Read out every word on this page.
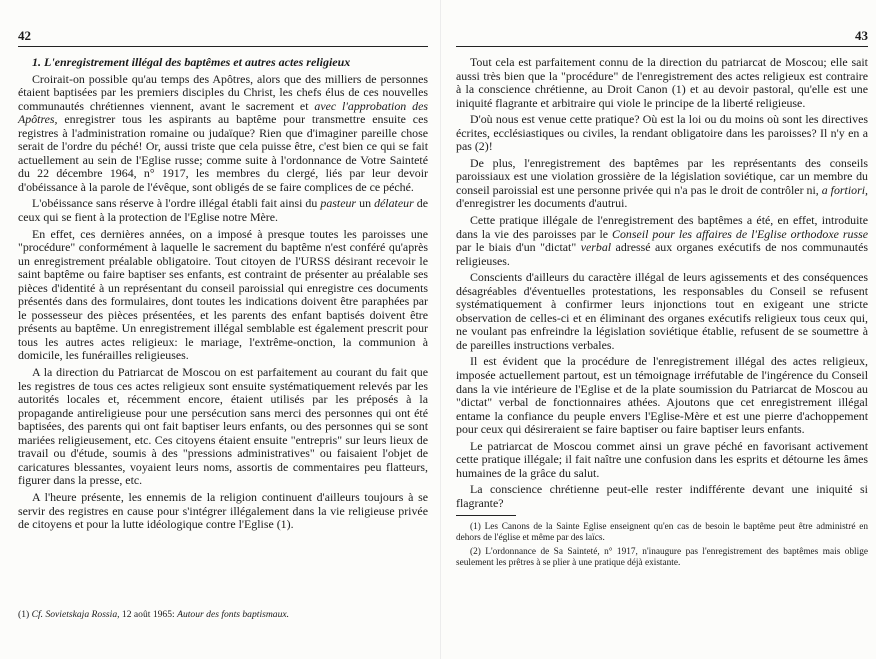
42

1. L'enregistrement illégal des baptêmes et autres actes religieux

Croirait-on possible qu'au temps des Apôtres, alors que des milliers de personnes étaient baptisées par les premiers disciples du Christ, les chefs élus de ces nouvelles communautés chrétiennes viennent, avant le sacrement et avec l'approbation des Apôtres, enregistrer tous les aspirants au baptême pour transmettre ensuite ces registres à l'administration romaine ou judaïque? Rien que d'imaginer pareille chose serait de l'ordre du péché! Or, aussi triste que cela puisse être, c'est bien ce qui se fait actuellement au sein de l'Eglise russe; comme suite à l'ordonnance de Votre Sainteté du 22 décembre 1964, n° 1917, les membres du clergé, liés par leur devoir d'obéissance à la parole de l'évêque, sont obligés de se faire complices de ce péché.

L'obéissance sans réserve à l'ordre illégal établi fait ainsi du pasteur un délateur de ceux qui se fient à la protection de l'Eglise notre Mère.

En effet, ces dernières années, on a imposé à presque toutes les paroisses une "procédure" conformément à laquelle le sacrement du baptême n'est conféré qu'après un enregistrement préalable obligatoire. Tout citoyen de l'URSS désirant recevoir le saint baptême ou faire baptiser ses enfants, est contraint de présenter au préalable ses pièces d'identité à un représentant du conseil paroissial qui enregistre ces documents présentés dans des formulaires, dont toutes les indications doivent être paraphées par le possesseur des pièces présentées, et les parents des enfant baptisés doivent être présents au baptême. Un enregistrement illégal semblable est également prescrit pour tous les autres actes religieux: le mariage, l'extrême-onction, la communion à domicile, les funérailles religieuses.

A la direction du Patriarcat de Moscou on est parfaitement au courant du fait que les registres de tous ces actes religieux sont ensuite systématiquement relevés par les autorités locales et, récemment encore, étaient utilisés par les préposés à la propagande antireligieuse pour une persécution sans merci des personnes qui ont été baptisées, des parents qui ont fait baptiser leurs enfants, ou des personnes qui se sont mariées religieusement, etc. Ces citoyens étaient ensuite "entrepris" sur leurs lieux de travail ou d'étude, soumis à des "pressions administratives" ou faisaient l'objet de caricatures blessantes, voyaient leurs noms, assortis de commentaires peu flatteurs, figurer dans la presse, etc.

A l'heure présente, les ennemis de la religion continuent d'ailleurs toujours à se servir des registres en cause pour s'intégrer illégalement dans la vie religieuse privée de citoyens et pour la lutte idéologique contre l'Eglise (1).

(1) Cf. Sovietskaja Rossia, 12 août 1965: Autour des fonts baptismaux.
43

Tout cela est parfaitement connu de la direction du patriarcat de Moscou; elle sait aussi très bien que la "procédure" de l'enregistrement des actes religieux est contraire à la conscience chrétienne, au Droit Canon (1) et au devoir pastoral, qu'elle est une iniquité flagrante et arbitraire qui viole le principe de la liberté religieuse.

D'où nous est venue cette pratique? Où est la loi ou du moins où sont les directives écrites, ecclésiastiques ou civiles, la rendant obligatoire dans les paroisses? Il n'y en a pas (2)!

De plus, l'enregistrement des baptêmes par les représentants des conseils paroissiaux est une violation grossière de la législation soviétique, car un membre du conseil paroissial est une personne privée qui n'a pas le droit de contrôler ni, a fortiori, d'enregistrer les documents d'autrui.

Cette pratique illégale de l'enregistrement des baptêmes a été, en effet, introduite dans la vie des paroisses par le Conseil pour les affaires de l'Eglise orthodoxe russe par le biais d'un "dictat" verbal adressé aux organes exécutifs de nos communautés religieuses.

Conscients d'ailleurs du caractère illégal de leurs agissements et des conséquences désagréables d'éventuelles protestations, les responsables du Conseil se refusent systématiquement à confirmer leurs injonctions tout en exigeant une stricte observation de celles-ci et en éliminant des organes exécutifs religieux tous ceux qui, ne voulant pas enfreindre la législation soviétique établie, refusent de se soumettre à de pareilles instructions verbales.

Il est évident que la procédure de l'enregistrement illégal des actes religieux, imposée actuellement partout, est un témoignage irréfutable de l'ingérence du Conseil dans la vie intérieure de l'Eglise et de la plate soumission du Patriarcat de Moscou au "dictat" verbal de fonctionnaires athées. Ajoutons que cet enregistrement illégal entame la confiance du peuple envers l'Eglise-Mère et est une pierre d'achoppement pour ceux qui désireraient se faire baptiser ou faire baptiser leurs enfants.

Le patriarcat de Moscou commet ainsi un grave péché en favorisant activement cette pratique illégale; il fait naître une confusion dans les esprits et détourne les âmes humaines de la grâce du salut.

La conscience chrétienne peut-elle rester indifférente devant une iniquité si flagrante?

(1) Les Canons de la Sainte Eglise enseignent qu'en cas de besoin le baptême peut être administré en dehors de l'église et même par des laïcs.

(2) L'ordonnance de Sa Sainteté, n° 1917, n'inaugure pas l'enregistrement des baptêmes mais oblige seulement les prêtres à se plier à une pratique déjà existante.
